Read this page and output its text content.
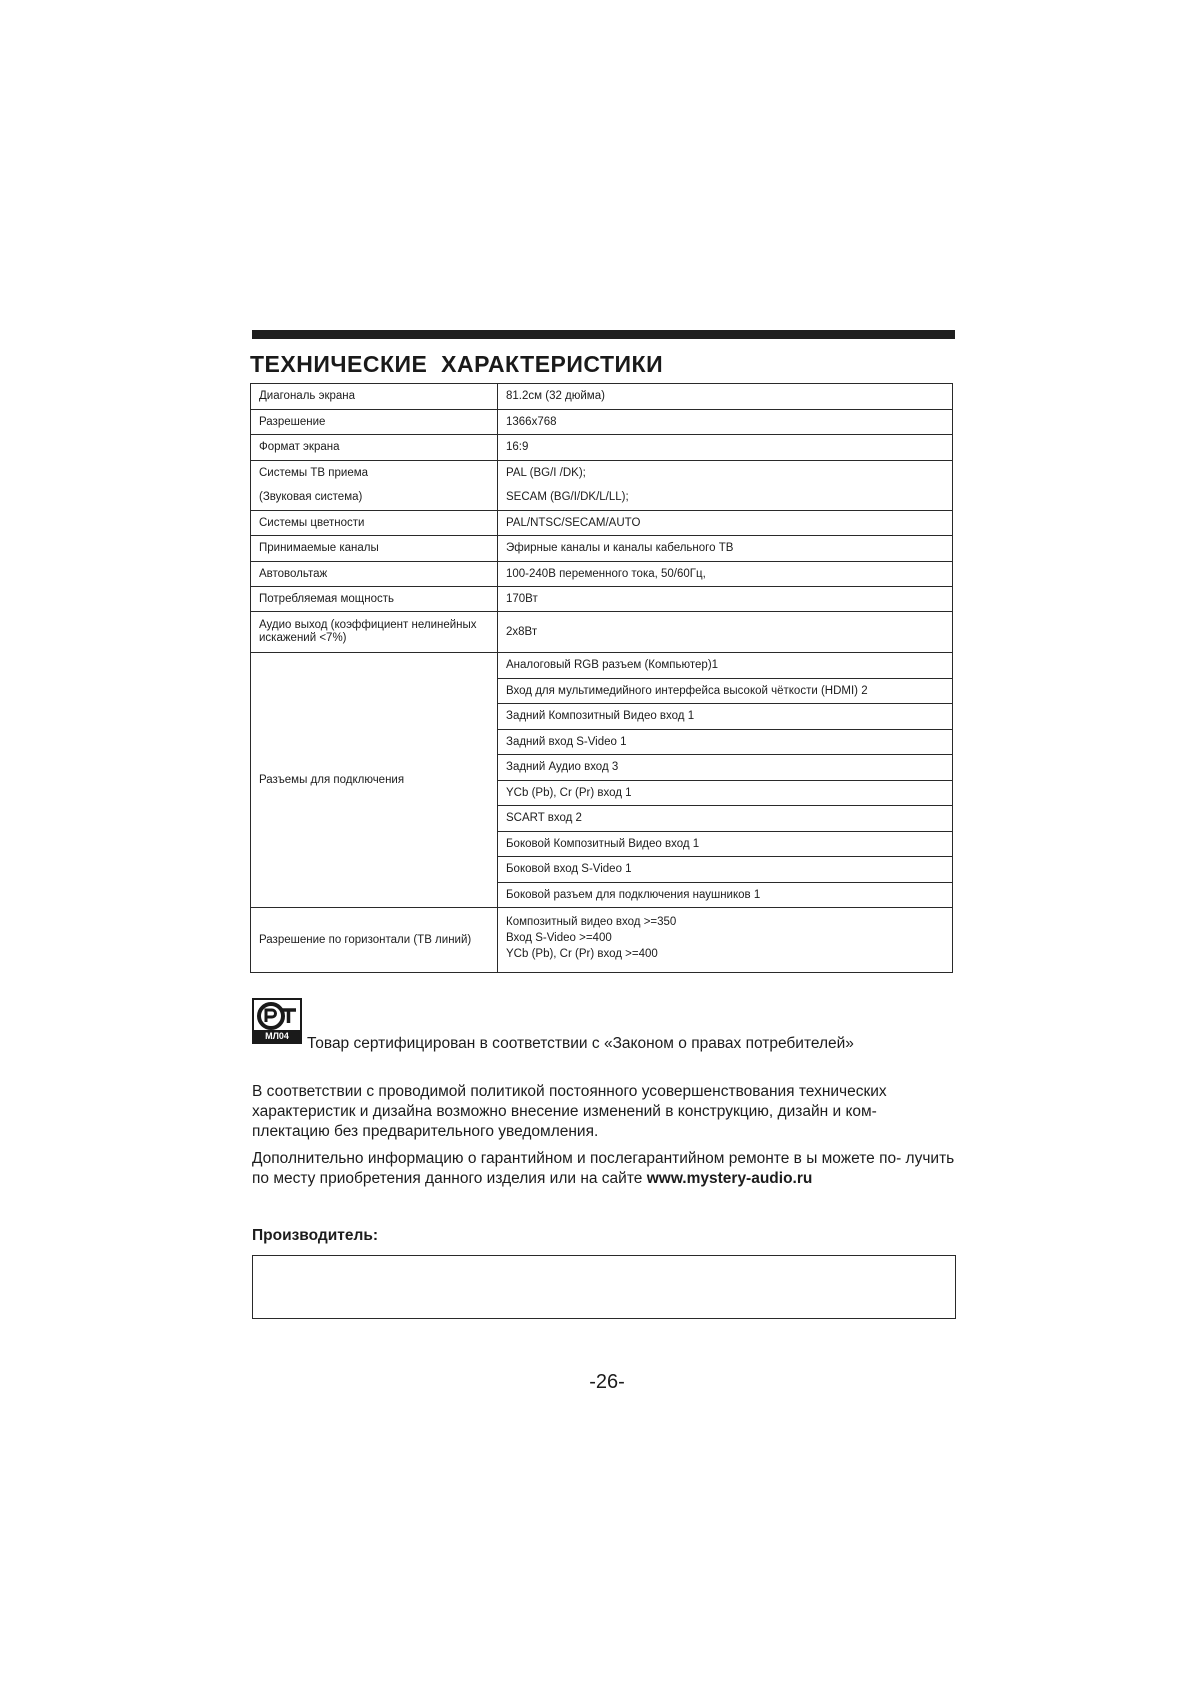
ТЕХНИЧЕСКИЕ  ХАРАКТЕРИСТИКИ
Диагональ экрана	81.2см (32 дюйма)
Разрешение	1366x768
Формат экрана	16:9
Системы ТВ приема	PAL (BG/I /DK);
(Звуковая система)	SECAM (BG/I/DK/L/LL);
Системы цветности	PAL/NTSC/SECAM/AUTO
Принимаемые каналы	Эфирные каналы и каналы кабельного ТВ
Автовольтаж	100-240В переменного тока, 50/60Гц,
Потребляемая мощность	170Вт
Аудио выход (коэффициент нелинейных искажений <7%)	2x8Вт
Разъемы для подключения	Аналоговый RGB разъем (Компьютер)1
	Вход для мультимедийного интерфейса высокой чёткости (HDMI) 2
	Задний Композитный Видео вход 1
	Задний вход S-Video 1
	Задний Аудио вход 3
	YCb (Pb), Cr (Pr) вход 1
	SCART вход 2
	Боковой Композитный Видео вход 1
	Боковой вход S-Video 1
	Боковой разъем для подключения наушников 1
Разрешение по горизонтали (ТВ линий)	Композитный видео вход >=350
	Вход S-Video >=400
	YCb (Pb), Cr (Pr) вход >=400
МЛ04	Товар сертифицирован в соответствии с «Законом о правах потребителей»

В соответствии с проводимой политикой постоянного усовершенствования технических характеристик и дизайна возможно внесение изменений в конструкцию, дизайн и ком- плектацию без предварительного уведомления.

Дополнительно информацию о гарантийном и послегарантийном ремонте в ы можете по- лучить по месту приобретения данного изделия или на сайте www.mystery-audio.ru

Производитель:
-26-
